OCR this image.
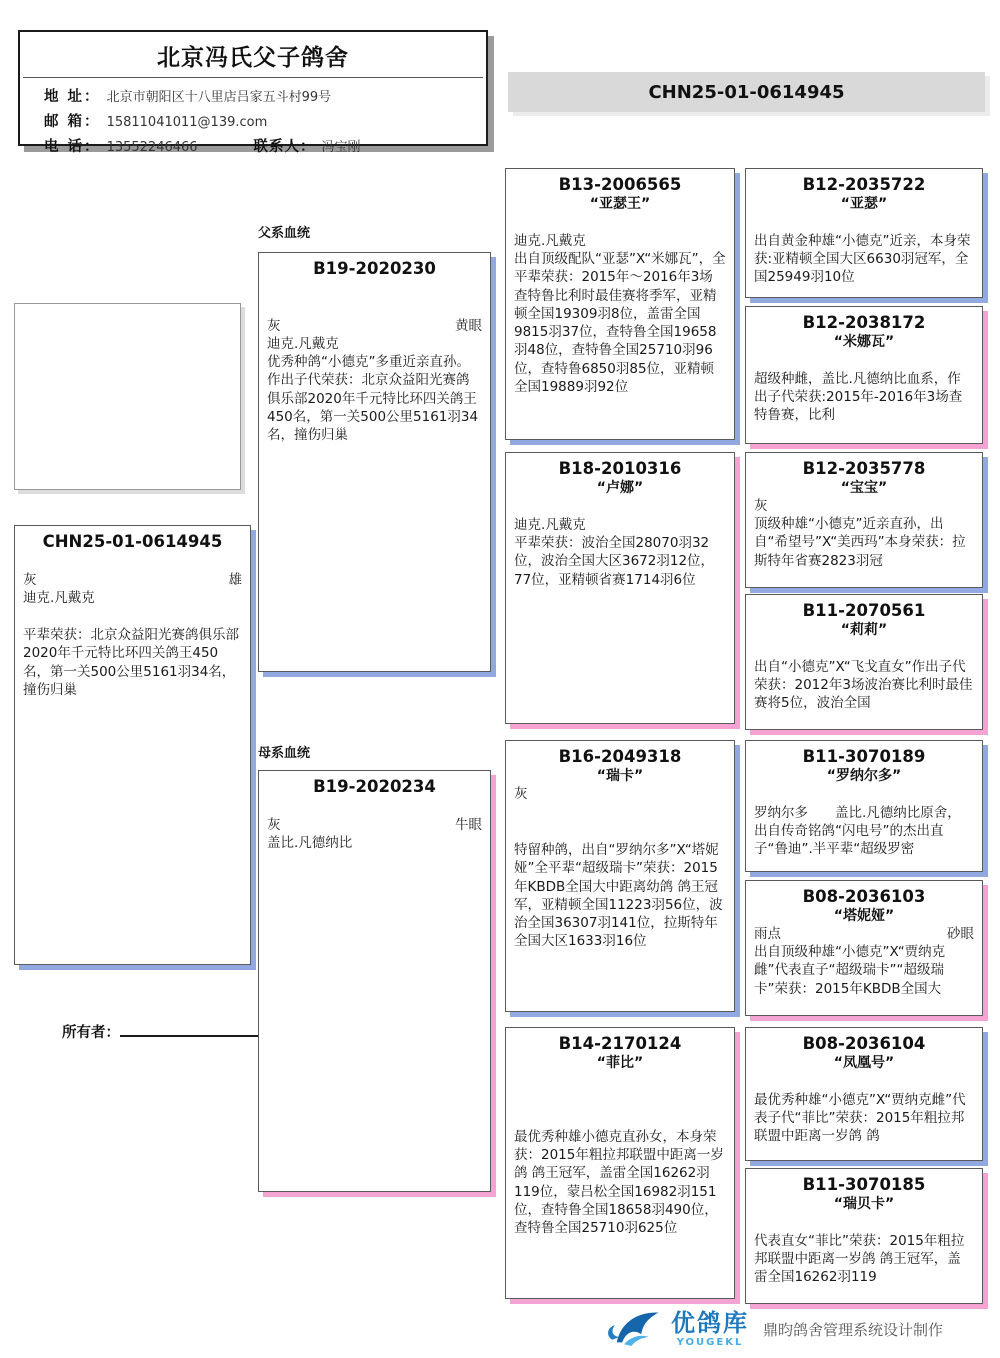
北京冯氏父子鸽舍
地 址： 北京市朝阳区十八里店吕家五斗村99号
邮 箱： 15811041011@139.com
电 话： 13552246466	联系人： 冯宝刚
CHN25-01-0614945
CHN25-01-0614945
灰	雄
迪克.凡戴克
平辈荣获：北京众益阳光赛鸽俱乐部2020年千元特比环四关鸽王450名，第一关500公里5161羽34名，撞伤归巢
所有者：
父系血统
母系血统
B19-2020230
灰	黄眼
迪克.凡戴克
优秀种鸽“小德克”多重近亲直孙。作出子代荣获：北京众益阳光赛鸽俱乐部2020年千元特比环四关鸽王450名，第一关500公里5161羽34名，撞伤归巢
B19-2020234
灰	牛眼
盖比.凡德纳比
B13-2006565
“亚瑟王”
迪克.凡戴克
出自顶级配队“亚瑟”X“米娜瓦”，全平辈荣获：2015年～2016年3场查特鲁比利时最佳赛将季军，亚精顿全国19309羽8位，盖雷全国9815羽37位，查特鲁全国19658羽48位，查特鲁全国25710羽96位，查特鲁6850羽85位，亚精顿全国19889羽92位
B18-2010316
“卢娜”
迪克.凡戴克
平辈荣获：波治全国28070羽32位，波治全国大区3672羽12位，77位，亚精顿省赛1714羽6位
B16-2049318
“瑞卡”
灰
特留种鸽，出自“罗纳尔多”X“塔妮娅”全平辈“超级瑞卡”荣获：2015年KBDB全国大中距离幼鸽 鸽王冠军，亚精顿全国11223羽56位，波治全国36307羽141位，拉斯特年全国大区1633羽16位
B14-2170124
“菲比”
最优秀种雄小德克直孙女，本身荣获：2015年粗拉邦联盟中距离一岁鸽 鸽王冠军，盖雷全国16262羽119位，蒙吕松全国16982羽151位，查特鲁全国18658羽490位，查特鲁全国25710羽625位
B12-2035722
“亚瑟”
出自黄金种雄“小德克”近亲，本身荣获:亚精顿全国大区6630羽冠军，全国25949羽10位
B12-2038172
“米娜瓦”
超级种雌，盖比.凡德纳比血系，作出子代荣获:2015年-2016年3场查特鲁赛，比利
B12-2035778
“宝宝”
灰
顶级种雄“小德克”近亲直孙，出自“希望号”X“美西玛”本身荣获：拉斯特年省赛2823羽冠
B11-2070561
“莉莉”
出自“小德克”X“飞戈直女”作出子代荣获：2012年3场波治赛比利时最佳赛将5位，波治全国
B11-3070189
“罗纳尔多”
罗纳尔多　　盖比.凡德纳比原舍，出自传奇铭鸽“闪电号”的杰出直子“鲁迪”.半平辈“超级罗密
B08-2036103
“塔妮娅”
雨点	砂眼
出自顶级种雄“小德克”X“贾纳克雌”代表直子“超级瑞卡”“超级瑞卡”荣获：2015年KBDB全国大
B08-2036104
“凤凰号”
最优秀种雄“小德克”X“贾纳克雌”代表子代“菲比”荣获：2015年粗拉邦联盟中距离一岁鸽 鸽
B11-3070185
“瑞贝卡”
代表直女“菲比”荣获：2015年粗拉邦联盟中距离一岁鸽 鸽王冠军，盖雷全国16262羽119
优鸽库
YOUGEKL
鼎昀鸽舍管理系统设计制作
